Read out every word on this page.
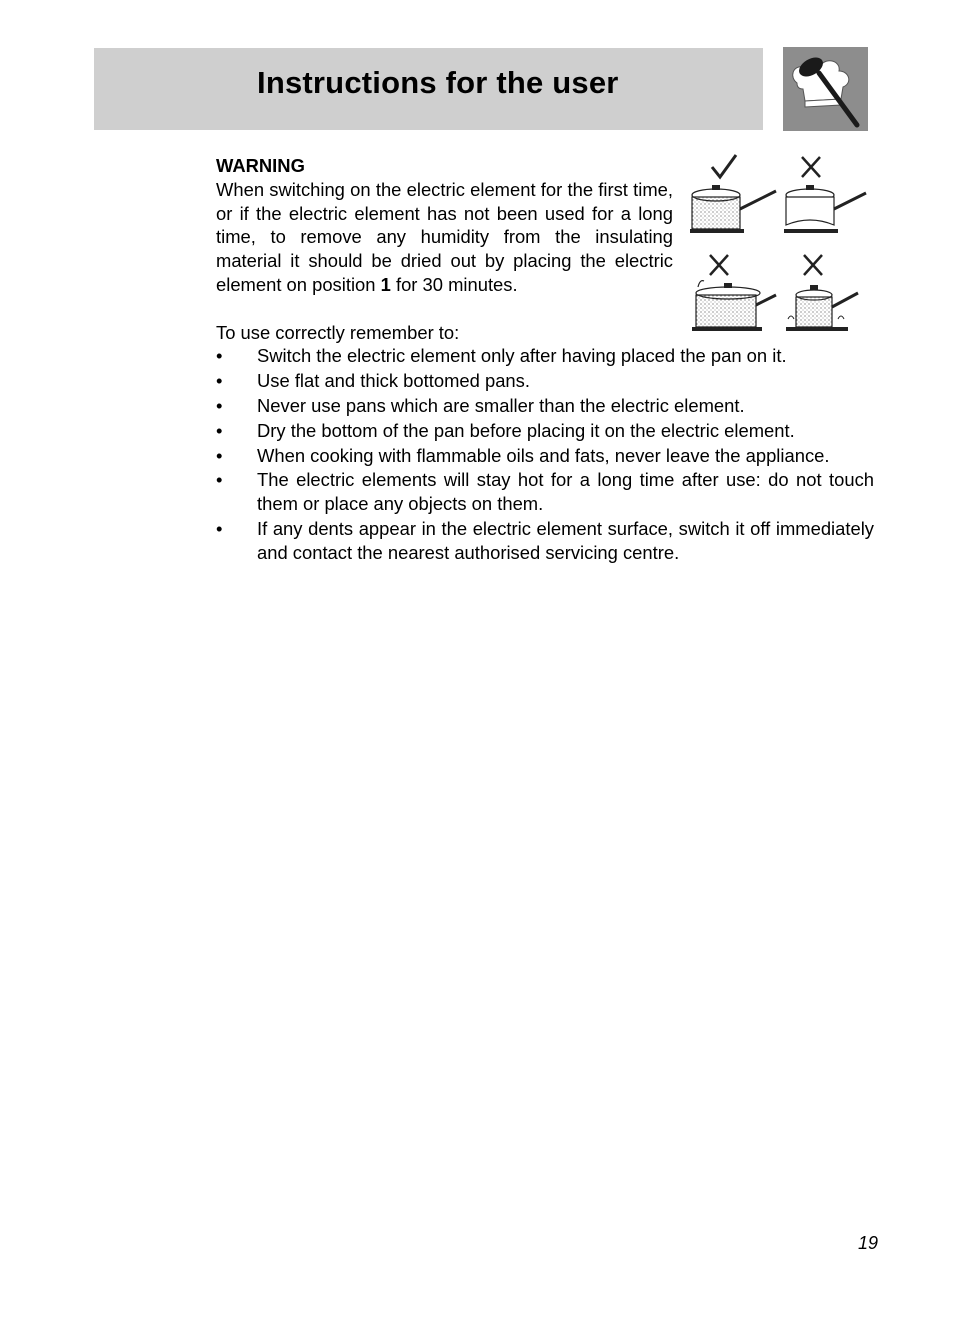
Instructions for the user
WARNING
When switching on the electric element for the first time, or if the electric element has not been used for a long time, to remove any humidity from the insulating material it should be dried out by placing the electric element on position 1 for 30 minutes.
To use correctly remember to:
• Switch the electric element only after having placed the pan on it.
• Use flat and thick bottomed pans.
• Never use pans which are smaller than the electric element.
• Dry the bottom of the pan before placing it on the electric element.
• When cooking with flammable oils and fats, never leave the appliance.
• The electric elements will stay hot for a long time after use: do not touch them or place any objects on them.
• If any dents appear in the electric element surface, switch it off immediately and contact the nearest authorised servicing centre.
19
